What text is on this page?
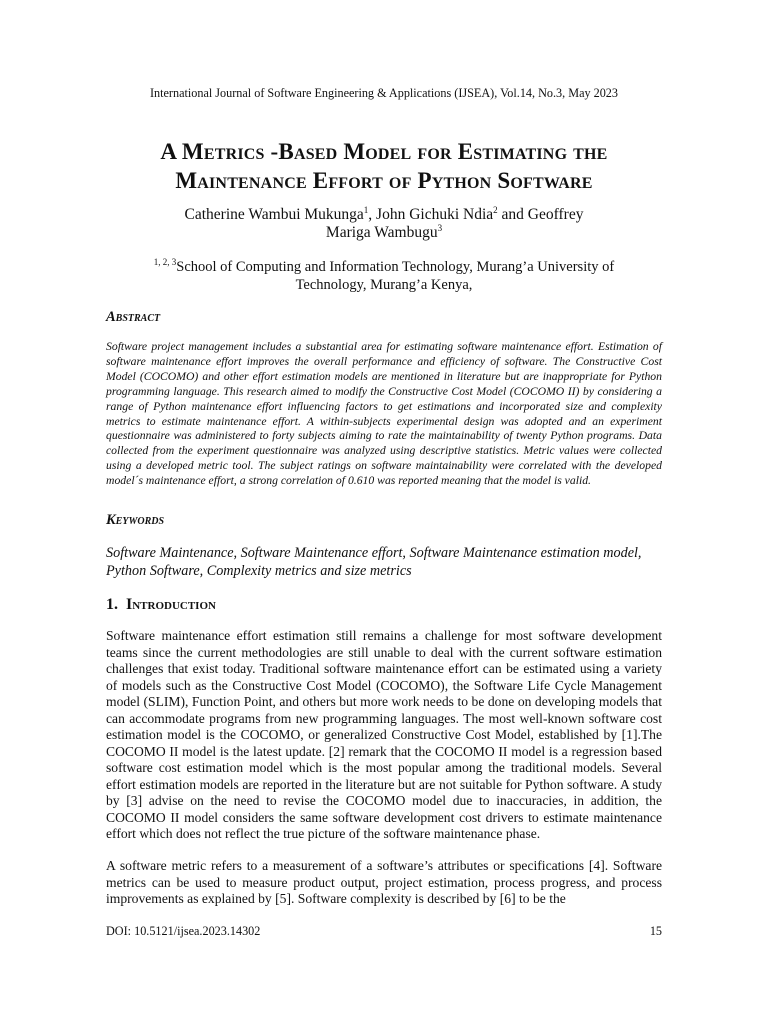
International Journal of Software Engineering & Applications (IJSEA), Vol.14, No.3, May 2023
A Metrics -Based Model for Estimating the
Maintenance Effort of Python Software
Catherine Wambui Mukunga$^1$, John Gichuki Ndia$^2$ and Geoffrey
Mariga Wambugu$^3$
$^{1, 2, 3}$School of Computing and Information Technology, Murang’a University of
Technology, Murang’a Kenya,
Abstract

Software project management includes a substantial area for estimating software maintenance effort. Estimation of software maintenance effort improves the overall performance and efficiency of software. The Constructive Cost Model (COCOMO) and other effort estimation models are mentioned in literature but are inappropriate for Python programming language. This research aimed to modify the Constructive Cost Model (COCOMO II) by considering a range of Python maintenance effort influencing factors to get estimations and incorporated size and complexity metrics to estimate maintenance effort. A within-subjects experimental design was adopted and an experiment questionnaire was administered to forty subjects aiming to rate the maintainability of twenty Python programs. Data collected from the experiment questionnaire was analyzed using descriptive statistics. Metric values were collected using a developed metric tool. The subject ratings on software maintainability were correlated with the developed model´s maintenance effort, a strong correlation of 0.610 was reported meaning that the model is valid.

Keywords

Software Maintenance, Software Maintenance effort, Software Maintenance estimation model, Python Software, Complexity metrics and size metrics

1. Introduction

Software maintenance effort estimation still remains a challenge for most software development teams since the current methodologies are still unable to deal with the current software estimation challenges that exist today. Traditional software maintenance effort can be estimated using a variety of models such as the Constructive Cost Model (COCOMO), the Software Life Cycle Management model (SLIM), Function Point, and others but more work needs to be done on developing models that can accommodate programs from new programming languages. The most well-known software cost estimation model is the COCOMO, or generalized Constructive Cost Model, established by [1].The COCOMO II model is the latest update. [2] remark that the COCOMO II model is a regression based software cost estimation model which is the most popular among the traditional models. Several effort estimation models are reported in the literature but are not suitable for Python software. A study by [3] advise on the need to revise the COCOMO model due to inaccuracies, in addition, the COCOMO II model considers the same software development cost drivers to estimate maintenance effort which does not reflect the true picture of the software maintenance phase.

A software metric refers to a measurement of a software’s attributes or specifications [4]. Software metrics can be used to measure product output, project estimation, process progress, and process improvements as explained by [5]. Software complexity is described by [6] to be the

DOI: 10.5121/ijsea.2023.14302	15
